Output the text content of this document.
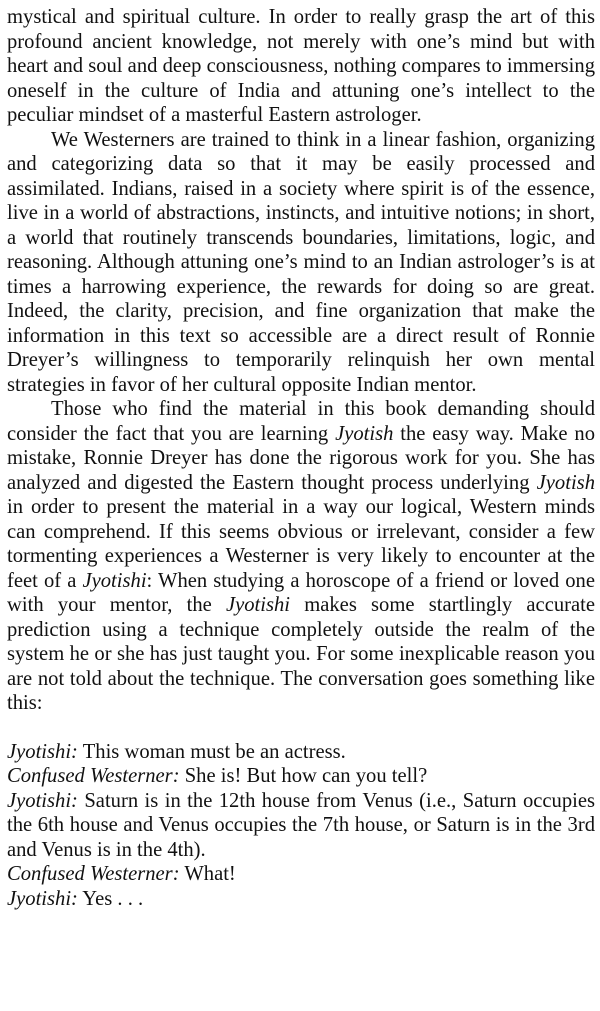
mystical and spiritual culture. In order to really grasp the art of this profound ancient knowledge, not merely with one’s mind but with heart and soul and deep consciousness, nothing compares to immersing oneself in the culture of India and attuning one’s intellect to the peculiar mindset of a masterful Eastern astrologer.

We Westerners are trained to think in a linear fashion, organizing and categorizing data so that it may be easily processed and assimilated. Indians, raised in a society where spirit is of the essence, live in a world of abstractions, instincts, and intuitive notions; in short, a world that routinely transcends boundaries, limitations, logic, and reasoning. Although attuning one’s mind to an Indian astrologer’s is at times a harrowing experience, the rewards for doing so are great. Indeed, the clarity, precision, and fine organization that make the information in this text so accessible are a direct result of Ronnie Dreyer’s willingness to temporarily relinquish her own mental strategies in favor of her cultural opposite Indian mentor.

Those who find the material in this book demanding should consider the fact that you are learning Jyotish the easy way. Make no mistake, Ronnie Dreyer has done the rigorous work for you. She has analyzed and digested the Eastern thought process underlying Jyotish in order to present the material in a way our logical, Western minds can comprehend. If this seems obvious or irrelevant, consider a few tormenting experiences a Westerner is very likely to encounter at the feet of a Jyotishi: When studying a horoscope of a friend or loved one with your mentor, the Jyotishi makes some startlingly accurate prediction using a technique completely outside the realm of the system he or she has just taught you. For some inexplicable reason you are not told about the technique. The conversation goes something like this:

Jyotishi: This woman must be an actress.

Confused Westerner: She is! But how can you tell?

Jyotishi: Saturn is in the 12th house from Venus (i.e., Saturn occupies the 6th house and Venus occupies the 7th house, or Saturn is in the 3rd and Venus is in the 4th).

Confused Westerner: What!

Jyotishi: Yes . . .
